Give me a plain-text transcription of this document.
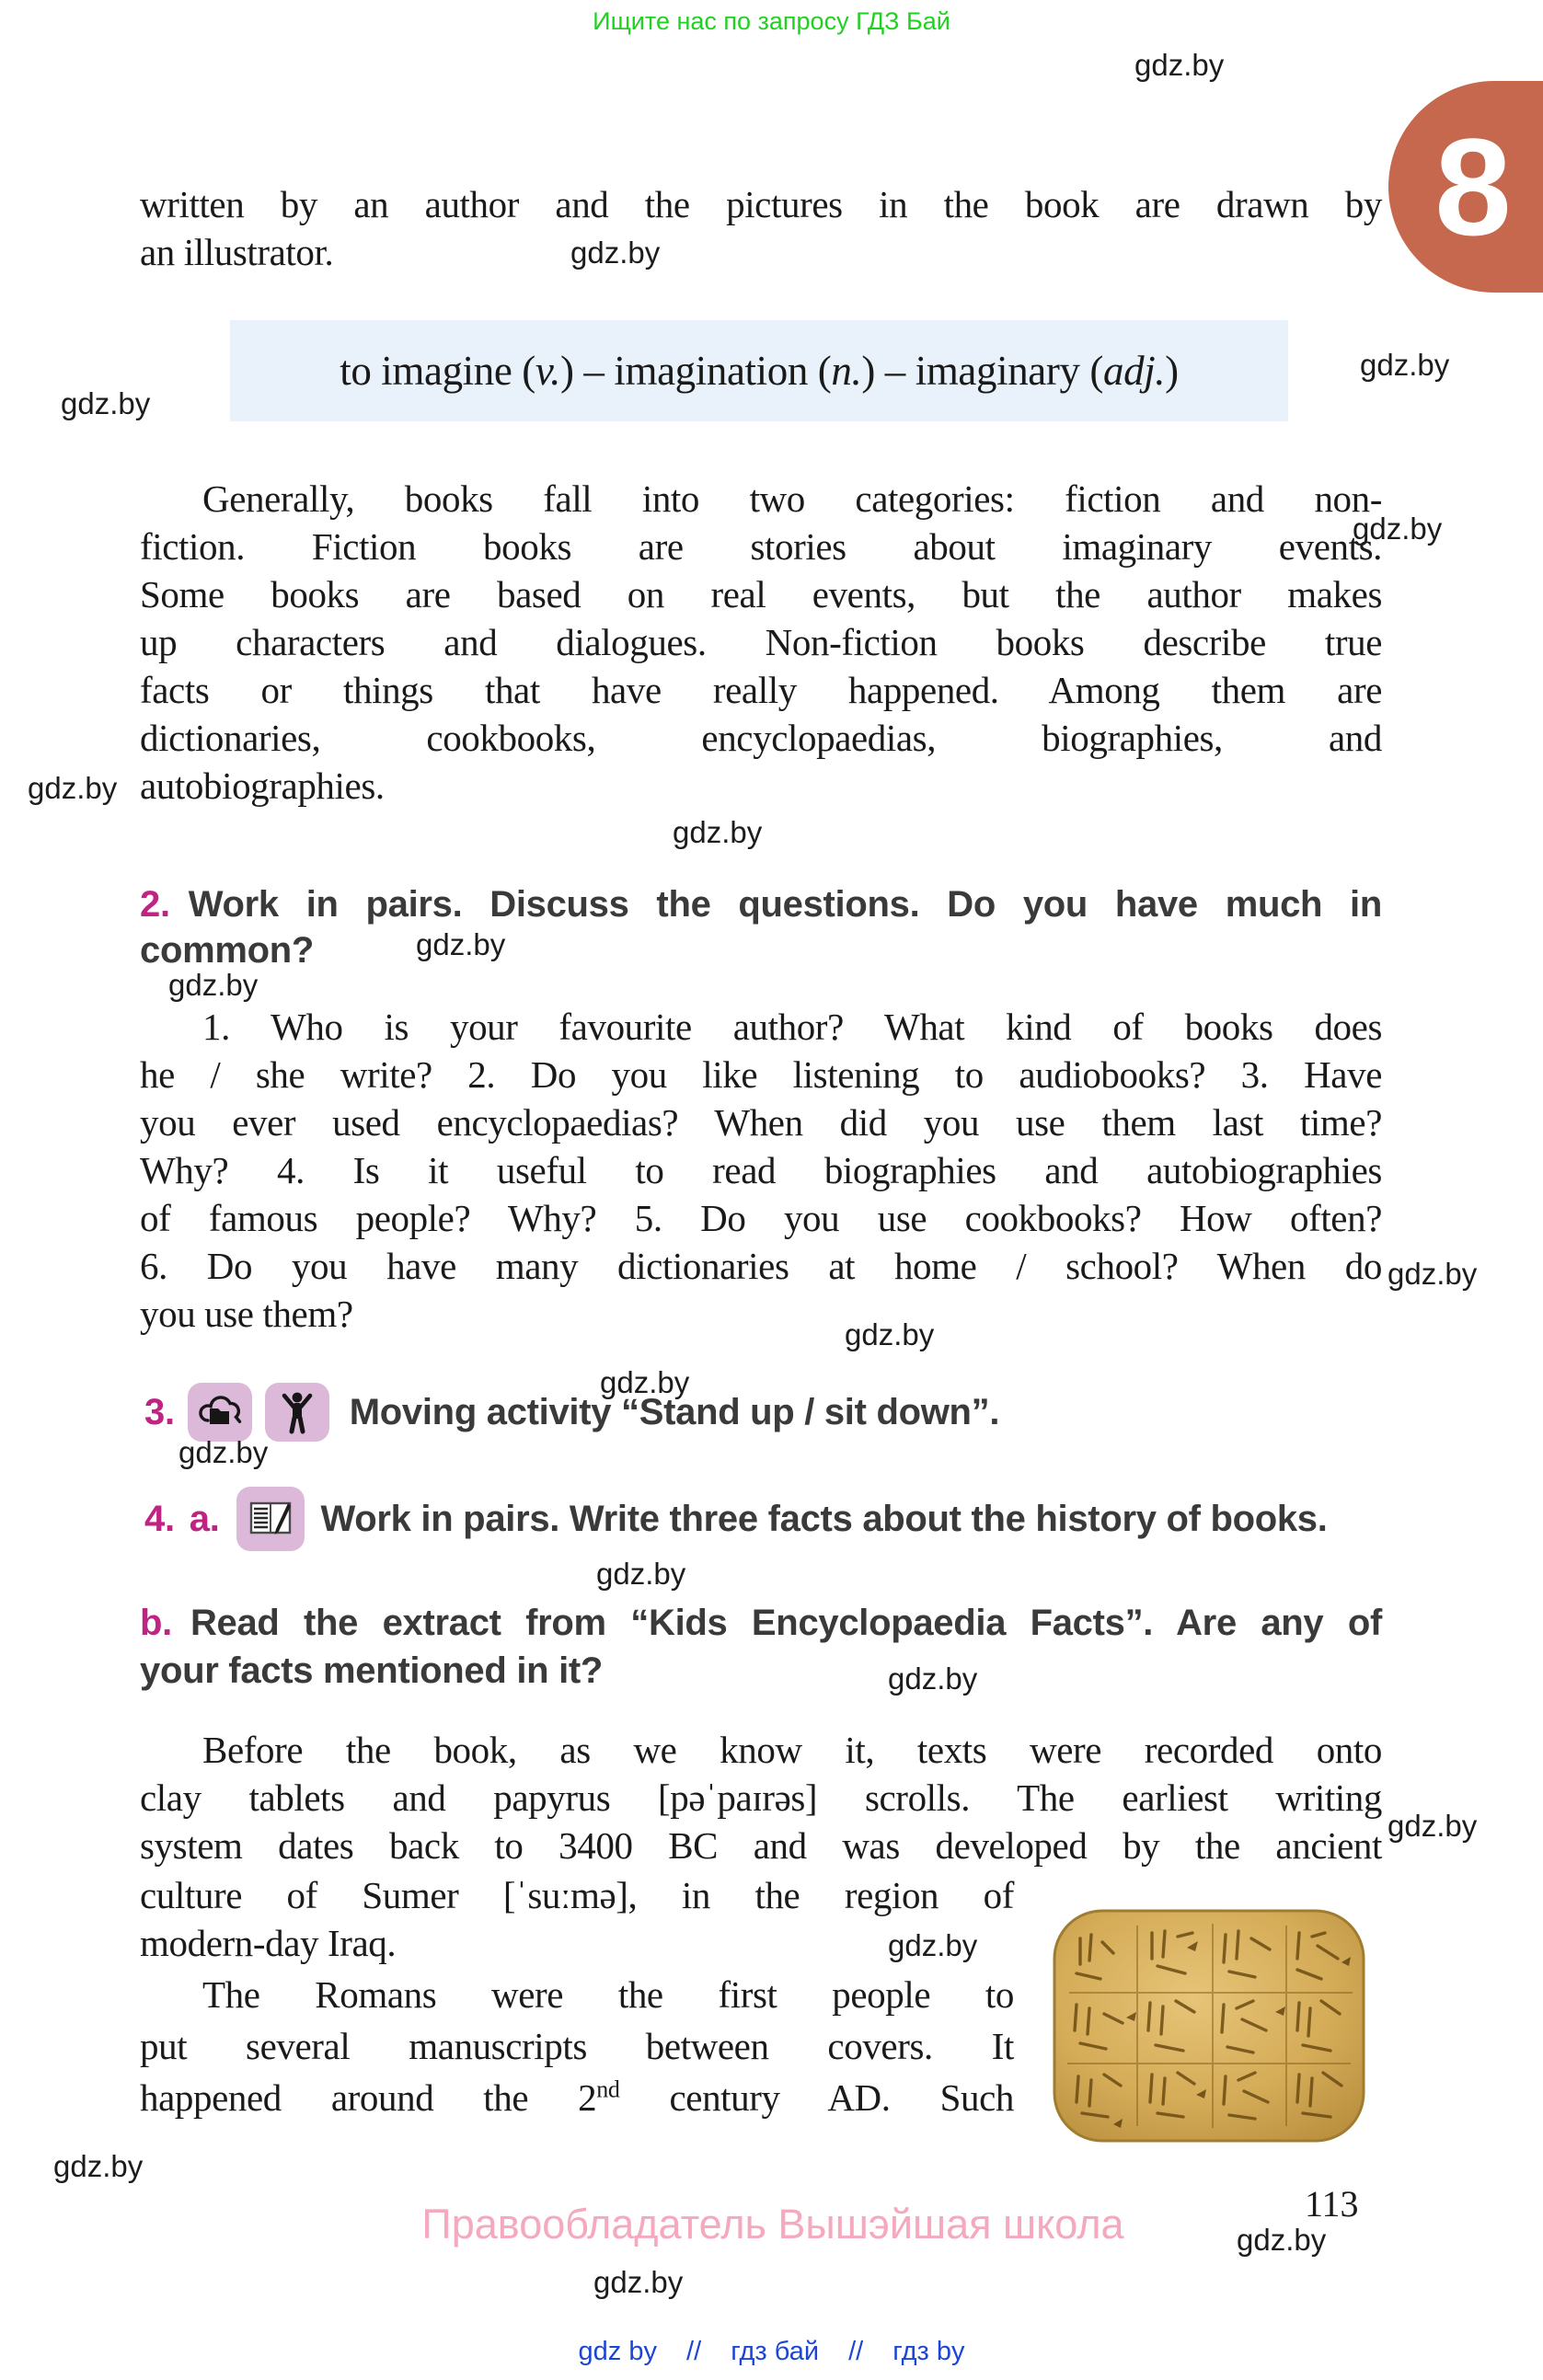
Ищите нас по запросу ГДЗ Бай
8
written by an author and the pictures in the book are drawn by
an illustrator.
to imagine (v.) – imagination (n.) – imaginary (adj.)
Generally, books fall into two categories: fiction and non-
fiction. Fiction books are stories about imaginary events.
Some books are based on real events, but the author makes
up characters and dialogues. Non-fiction books describe true
facts or things that have really happened. Among them are
dictionaries, cookbooks, encyclopaedias, biographies, and
autobiographies.
2. Work in pairs. Discuss the questions. Do you have much in
common?
1. Who is your favourite author? What kind of books does
he / she write? 2. Do you like listening to audiobooks? 3. Have
you ever used encyclopaedias? When did you use them last time?
Why? 4. Is it useful to read biographies and autobiographies
of famous people? Why? 5. Do you use cookbooks? How often?
6. Do you have many dictionaries at home / school? When do
you use them?
3.	Moving activity “Stand up / sit down”.
4. a.	Work in pairs. Write three facts about the history of books.
b. Read the extract from “Kids Encyclopaedia Facts”. Are any of
your facts mentioned in it?
Before the book, as we know it, texts were recorded onto
clay tablets and papyrus [pəˈpaɪrəs] scrolls. The earliest writing
system dates back to 3400 BC and was developed by the ancient
culture of Sumer [ˈsuːmə], in the region of
modern-day Iraq.
The Romans were the first people to
put several manuscripts between covers. It
happened around the 2nd century AD. Such
113
Правообладатель Вышэйшая школа
gdz by // гдз бай // гдз by
gdz.by
gdz.by
gdz.by
gdz.by
gdz.by
gdz.by
gdz.by
gdz.by
gdz.by
gdz.by
gdz.by
gdz.by
gdz.by
gdz.by
gdz.by
gdz.by
gdz.by
gdz.by
gdz.by
gdz.by
